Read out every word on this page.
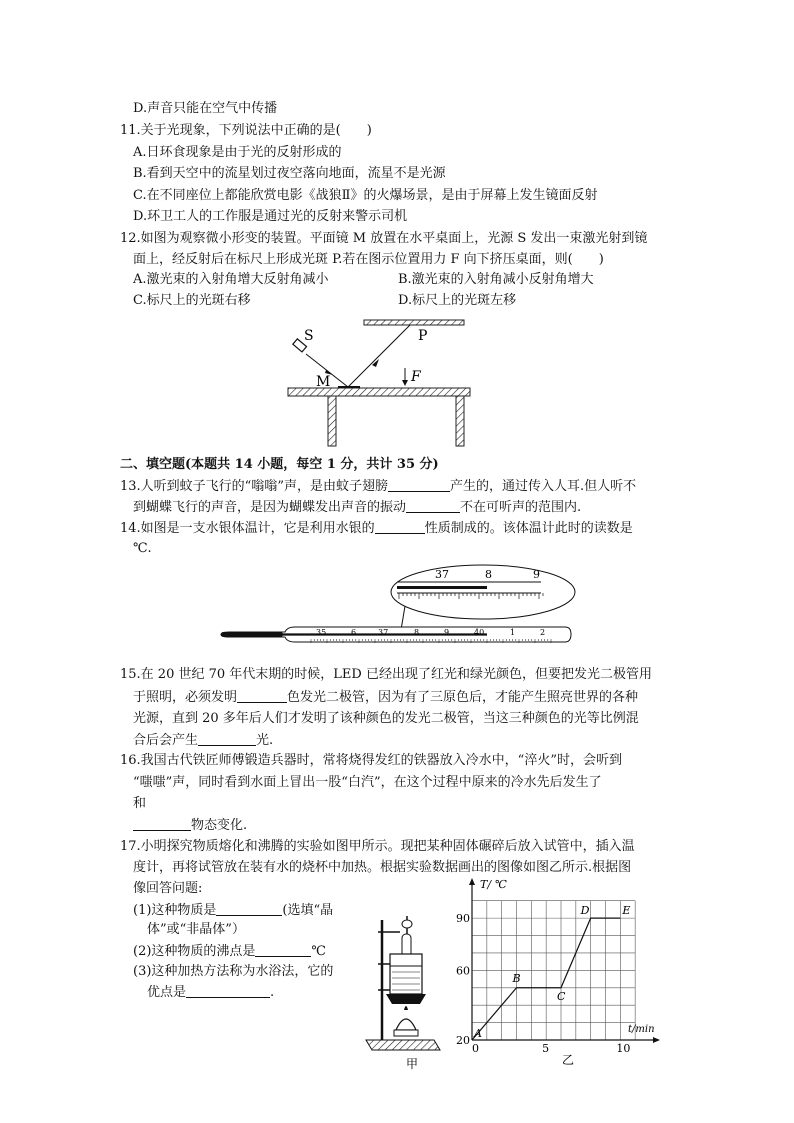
D.声音只能在空气中传播
11.关于光现象，下列说法中正确的是(　　)
A.日环食现象是由于光的反射形成的
B.看到天空中的流星划过夜空落向地面，流星不是光源
C.在不同座位上都能欣赏电影《战狼Ⅱ》的火爆场景，是由于屏幕上发生镜面反射
D.环卫工人的工作服是通过光的反射来警示司机
12.如图为观察微小形变的装置。平面镜 M 放置在水平桌面上，光源 S 发出一束激光射到镜
面上，经反射后在标尺上形成光斑 P.若在图示位置用力 F 向下挤压桌面，则(　　)
A.激光束的入射角增大反射角减小	B.激光束的入射角减小反射角增大
C.标尺上的光斑右移	D.标尺上的光斑左移
S	P
M	F
二、填空题(本题共 14 小题，每空 1 分，共计 35 分)
13.人听到蚊子飞行的“嗡嗡”声，是由蚊子翅膀	产生的，通过传入人耳.但人听不
到蝴蝶飞行的声音，是因为蝴蝶发出声音的振动	不在可听声的范围内.
14.如图是一支水银体温计，它是利用水银的	性质制成的。该体温计此时的读数是
℃.
37	8	9
35	6	37	8	9	40	1	2
15.在 20 世纪 70 年代末期的时候，LED 已经出现了红光和绿光颜色，但要把发光二极管用
于照明，必须发明	色发光二极管，因为有了三原色后，才能产生照亮世界的各种
光源，直到 20 多年后人们才发明了该种颜色的发光二极管，当这三种颜色的光等比例混
合后会产生	光.
16.我国古代铁匠师傅锻造兵器时，常将烧得发红的铁器放入冷水中，“淬火”时，会听到
“嗤嗤”声，同时看到水面上冒出一股“白汽”，在这个过程中原来的冷水先后发生了
和
物态变化.
17.小明探究物质熔化和沸腾的实验如图甲所示。现把某种固体碾碎后放入试管中，插入温
度计，再将试管放在装有水的烧杯中加热。根据实验数据画出的图像如图乙所示.根据图
像回答问题:
(1)这种物质是	(选填“晶
体”或“非晶体”）
(2)这种物质的沸点是	℃
(3)这种加热方法称为水浴法，它的
优点是	.
甲
0	5	10
20
60
90
A
B
C
D	E
T/ ℃
t/min
乙
